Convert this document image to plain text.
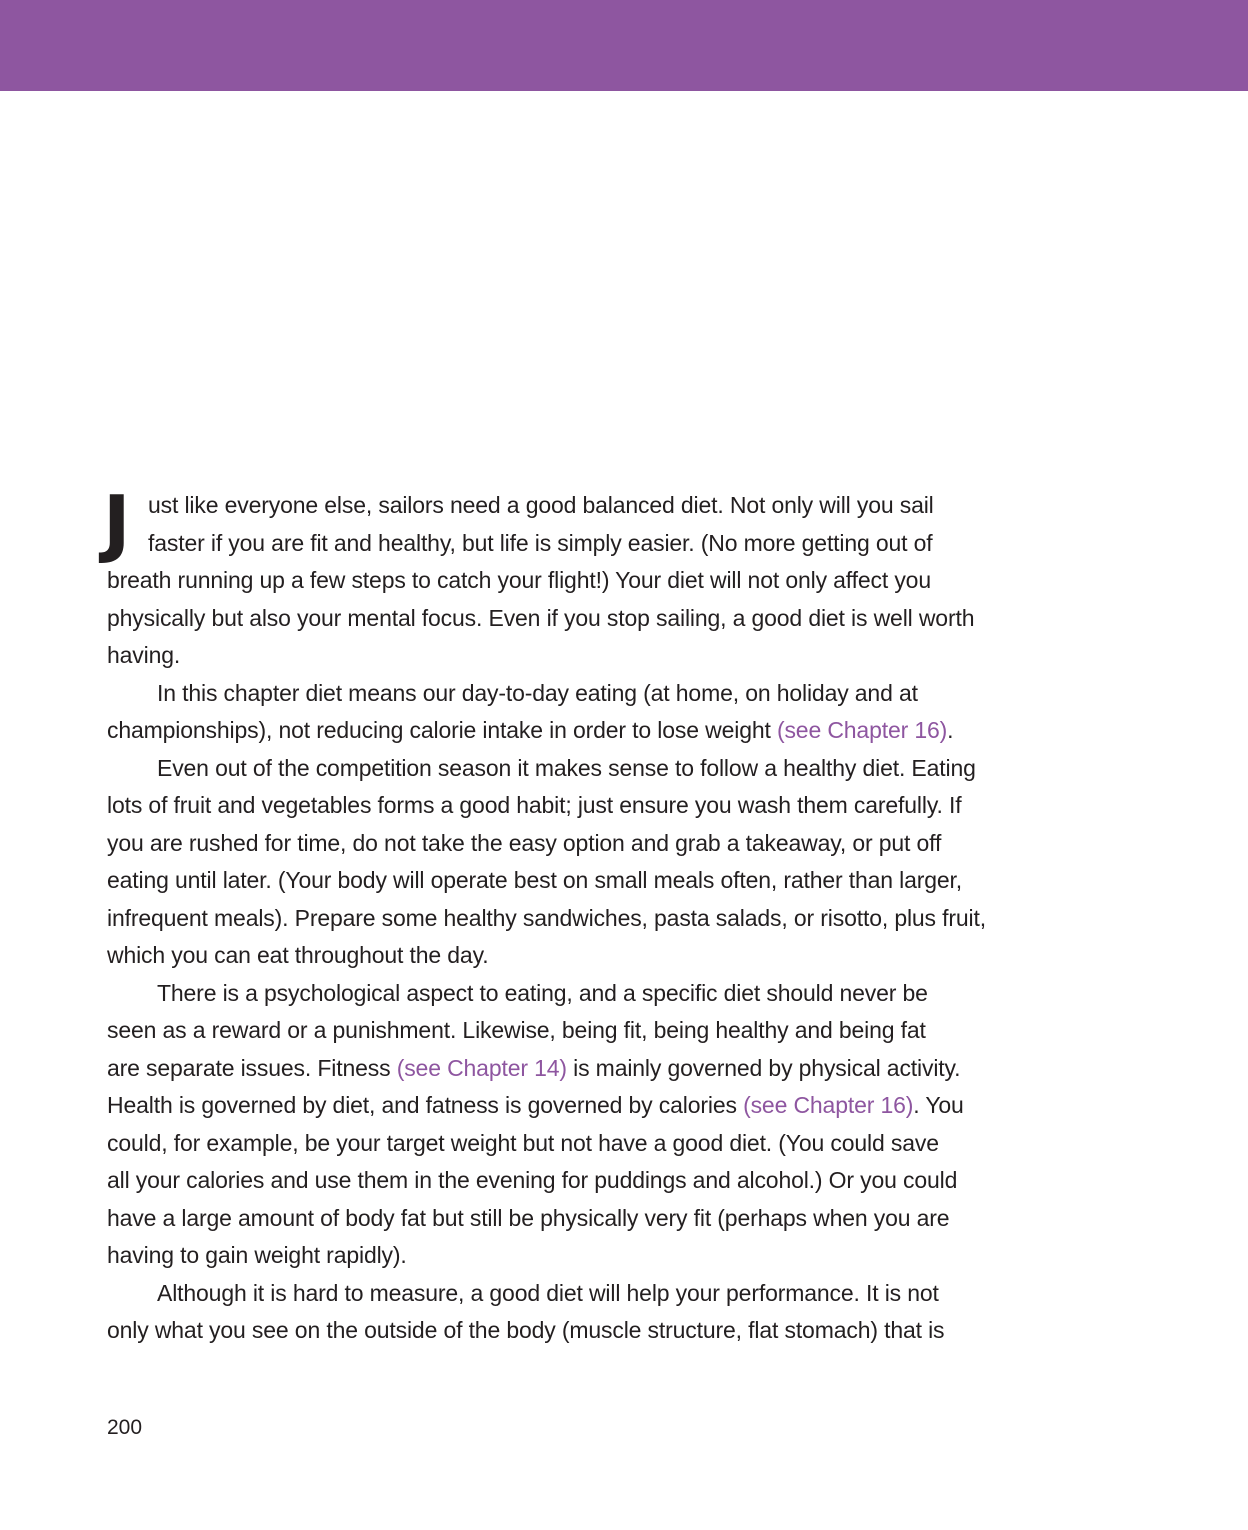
J ust like everyone else, sailors need a good balanced diet. Not only will you sail
faster if you are fit and healthy, but life is simply easier. (No more getting out of
breath running up a few steps to catch your flight!) Your diet will not only affect you
physically but also your mental focus. Even if you stop sailing, a good diet is well worth
having.
In this chapter diet means our day-to-day eating (at home, on holiday and at
championships), not reducing calorie intake in order to lose weight (see Chapter 16).
Even out of the competition season it makes sense to follow a healthy diet. Eating
lots of fruit and vegetables forms a good habit; just ensure you wash them carefully. If
you are rushed for time, do not take the easy option and grab a takeaway, or put off
eating until later. (Your body will operate best on small meals often, rather than larger,
infrequent meals). Prepare some healthy sandwiches, pasta salads, or risotto, plus fruit,
which you can eat throughout the day.
There is a psychological aspect to eating, and a specific diet should never be
seen as a reward or a punishment. Likewise, being fit, being healthy and being fat
are separate issues. Fitness (see Chapter 14) is mainly governed by physical activity.
Health is governed by diet, and fatness is governed by calories (see Chapter 16). You
could, for example, be your target weight but not have a good diet. (You could save
all your calories and use them in the evening for puddings and alcohol.) Or you could
have a large amount of body fat but still be physically very fit (perhaps when you are
having to gain weight rapidly).
Although it is hard to measure, a good diet will help your performance. It is not
only what you see on the outside of the body (muscle structure, flat stomach) that is
200
